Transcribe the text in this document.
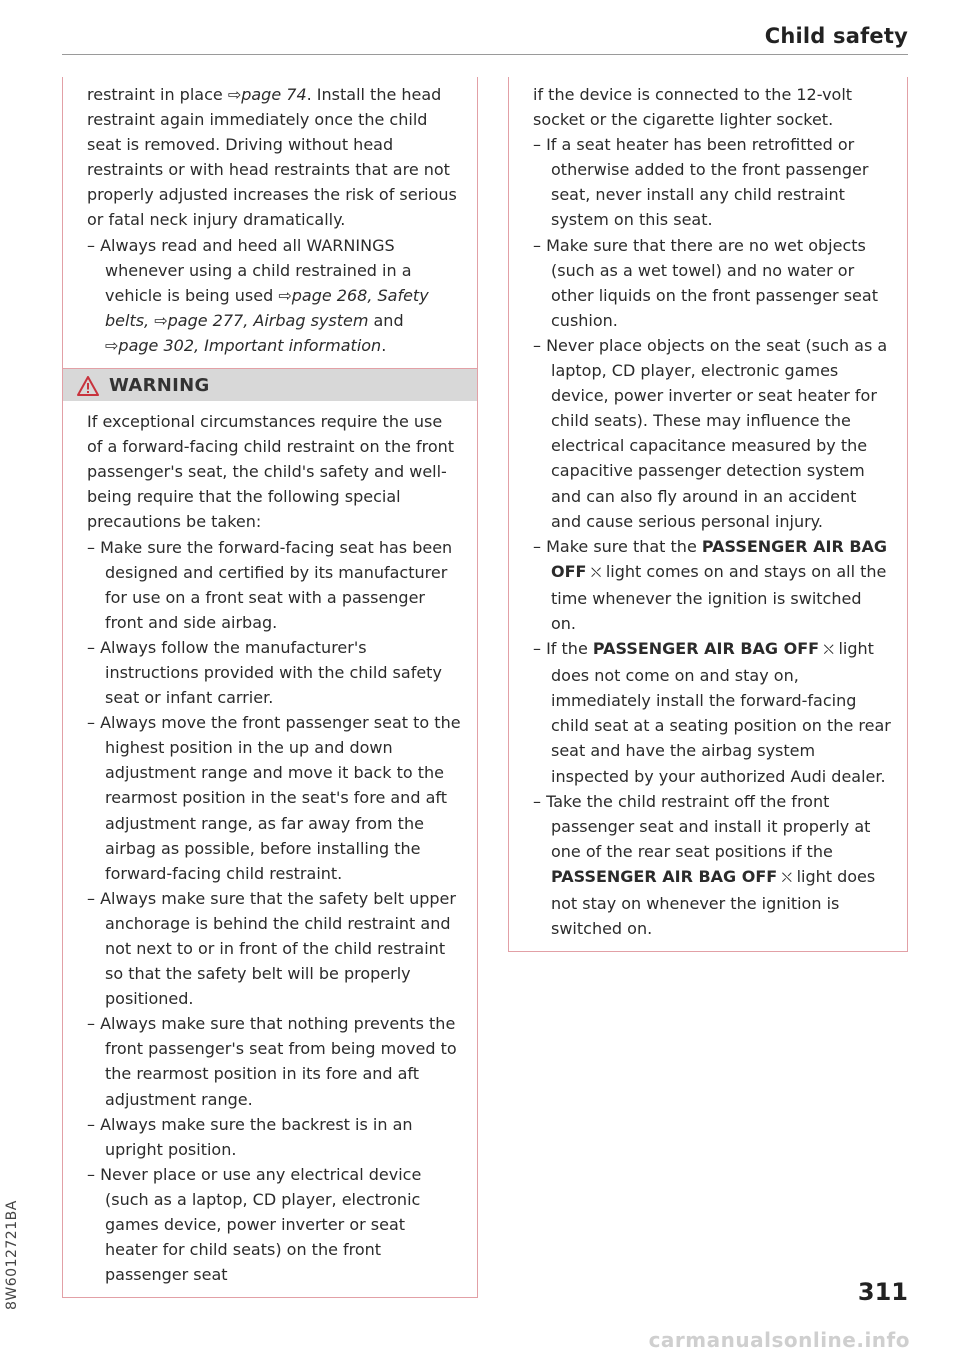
Child safety

restraint in place ⇨page 74. Install the head restraint again immediately once the child seat is removed. Driving without head restraints or with head restraints that are not properly adjusted increases the risk of serious or fatal neck injury dramatically.

– Always read and heed all WARNINGS whenever using a child restrained in a vehicle is being used ⇨page 268, Safety belts, ⇨page 277, Airbag system and ⇨page 302, Important information.

WARNING

If exceptional circumstances require the use of a forward-facing child restraint on the front passenger's seat, the child's safety and well-being require that the following special precautions be taken:

– Make sure the forward-facing seat has been designed and certified by its manufacturer for use on a front seat with a passenger front and side airbag.

– Always follow the manufacturer's instructions provided with the child safety seat or infant carrier.

– Always move the front passenger seat to the highest position in the up and down adjustment range and move it back to the rearmost position in the seat's fore and aft adjustment range, as far away from the airbag as possible, before installing the forward-facing child restraint.

– Always make sure that the safety belt upper anchorage is behind the child restraint and not next to or in front of the child restraint so that the safety belt will be properly positioned.

– Always make sure that nothing prevents the front passenger's seat from being moved to the rearmost position in its fore and aft adjustment range.

– Always make sure the backrest is in an upright position.

– Never place or use any electrical device (such as a laptop, CD player, electronic games device, power inverter or seat heater for child seats) on the front passenger seat

if the device is connected to the 12-volt socket or the cigarette lighter socket.

– If a seat heater has been retrofitted or otherwise added to the front passenger seat, never install any child restraint system on this seat.

– Make sure that there are no wet objects (such as a wet towel) and no water or other liquids on the front passenger seat cushion.

– Never place objects on the seat (such as a laptop, CD player, electronic games device, power inverter or seat heater for child seats). These may influence the electrical capacitance measured by the capacitive passenger detection system and can also fly around in an accident and cause serious personal injury.

– Make sure that the PASSENGER AIR BAG OFF ⛌ light comes on and stays on all the time whenever the ignition is switched on.

– If the PASSENGER AIR BAG OFF ⛌ light does not come on and stay on, immediately install the forward-facing child seat at a seating position on the rear seat and have the airbag system inspected by your authorized Audi dealer.

– Take the child restraint off the front passenger seat and install it properly at one of the rear seat positions if the PASSENGER AIR BAG OFF ⛌ light does not stay on whenever the ignition is switched on.

8W6012721BA	311
carmanualsonline.info
